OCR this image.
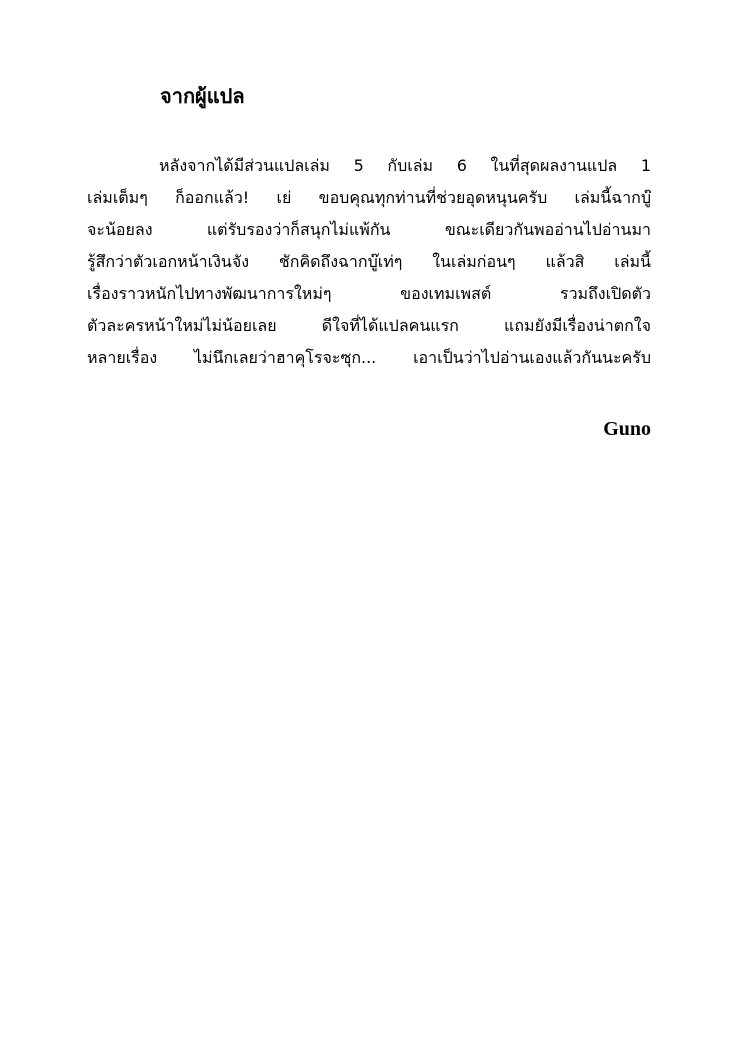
จากผู้แปล
หลังจากได้มีส่วนแปลเล่ม 5 กับเล่ม 6 ในที่สุดผลงานแปล 1
เล่มเต็มๆ ก็ออกแล้ว! เย่ ขอบคุณทุกท่านที่ช่วยอุดหนุนครับ เล่มนี้ฉากบู๊
จะน้อยลง แต่รับรองว่าก็สนุกไม่แพ้กัน ขณะเดียวกันพออ่านไปอ่านมา
รู้สึกว่าตัวเอกหน้าเงินจัง ชักคิดถึงฉากบู๊เท่ๆ ในเล่มก่อนๆ แล้วสิ เล่มนี้
เรื่องราวหนักไปทางพัฒนาการใหม่ๆ ของเทมเพสต์ รวมถึงเปิดตัว
ตัวละครหน้าใหม่ไม่น้อยเลย ดีใจที่ได้แปลคนแรก แถมยังมีเรื่องน่าตกใจ
หลายเรื่อง ไม่นึกเลยว่าฮาคุโรจะซุก... เอาเป็นว่าไปอ่านเองแล้วกันนะครับ
Guno
